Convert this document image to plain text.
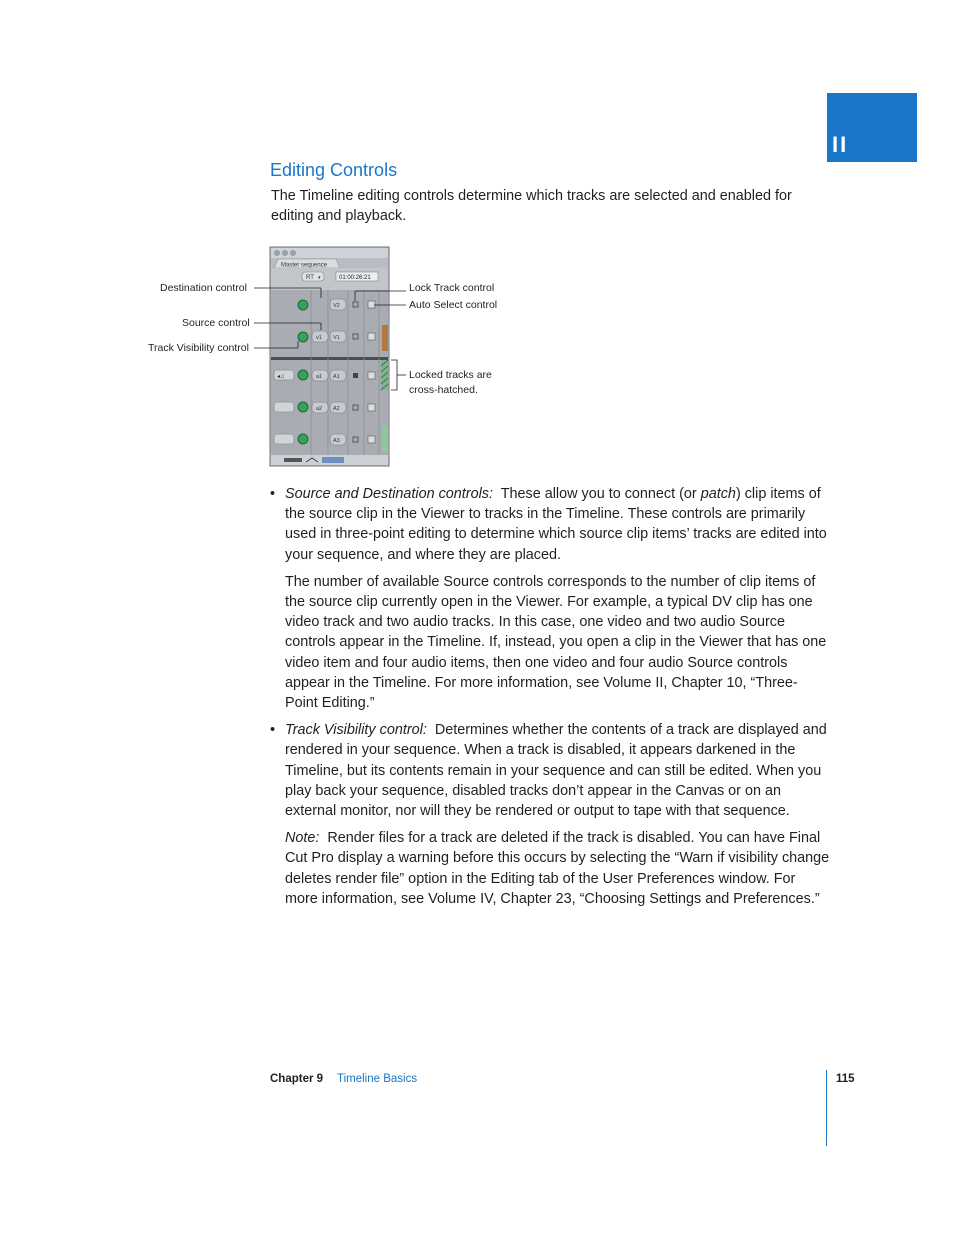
II
Editing Controls

The Timeline editing controls determine which tracks are selected and enabled for editing and playback.

Master sequence
RT ▾	01:00:26:21
V2
v1 V1
◂♫	a1 A1
a2 A2
A3
Destination control
Source control
Track Visibility control
Lock Track control
Auto Select control
Locked tracks are
cross-hatched.
• Source and Destination controls: These allow you to connect (or patch) clip items of the source clip in the Viewer to tracks in the Timeline. These controls are primarily used in three-point editing to determine which source clip items’ tracks are edited into your sequence, and where they are placed.

The number of available Source controls corresponds to the number of clip items of the source clip currently open in the Viewer. For example, a typical DV clip has one video track and two audio tracks. In this case, one video and two audio Source controls appear in the Timeline. If, instead, you open a clip in the Viewer that has one video item and four audio items, then one video and four audio Source controls appear in the Timeline. For more information, see Volume II, Chapter 10, “Three-Point Editing.”

• Track Visibility control: Determines whether the contents of a track are displayed and rendered in your sequence. When a track is disabled, it appears darkened in the Timeline, but its contents remain in your sequence and can still be edited. When you play back your sequence, disabled tracks don’t appear in the Canvas or on an external monitor, nor will they be rendered or output to tape with that sequence.

Note: Render files for a track are deleted if the track is disabled. You can have Final Cut Pro display a warning before this occurs by selecting the “Warn if visibility change deletes render file” option in the Editing tab of the User Preferences window. For more information, see Volume IV, Chapter 23, “Choosing Settings and Preferences.”

Chapter 9 Timeline Basics	115
